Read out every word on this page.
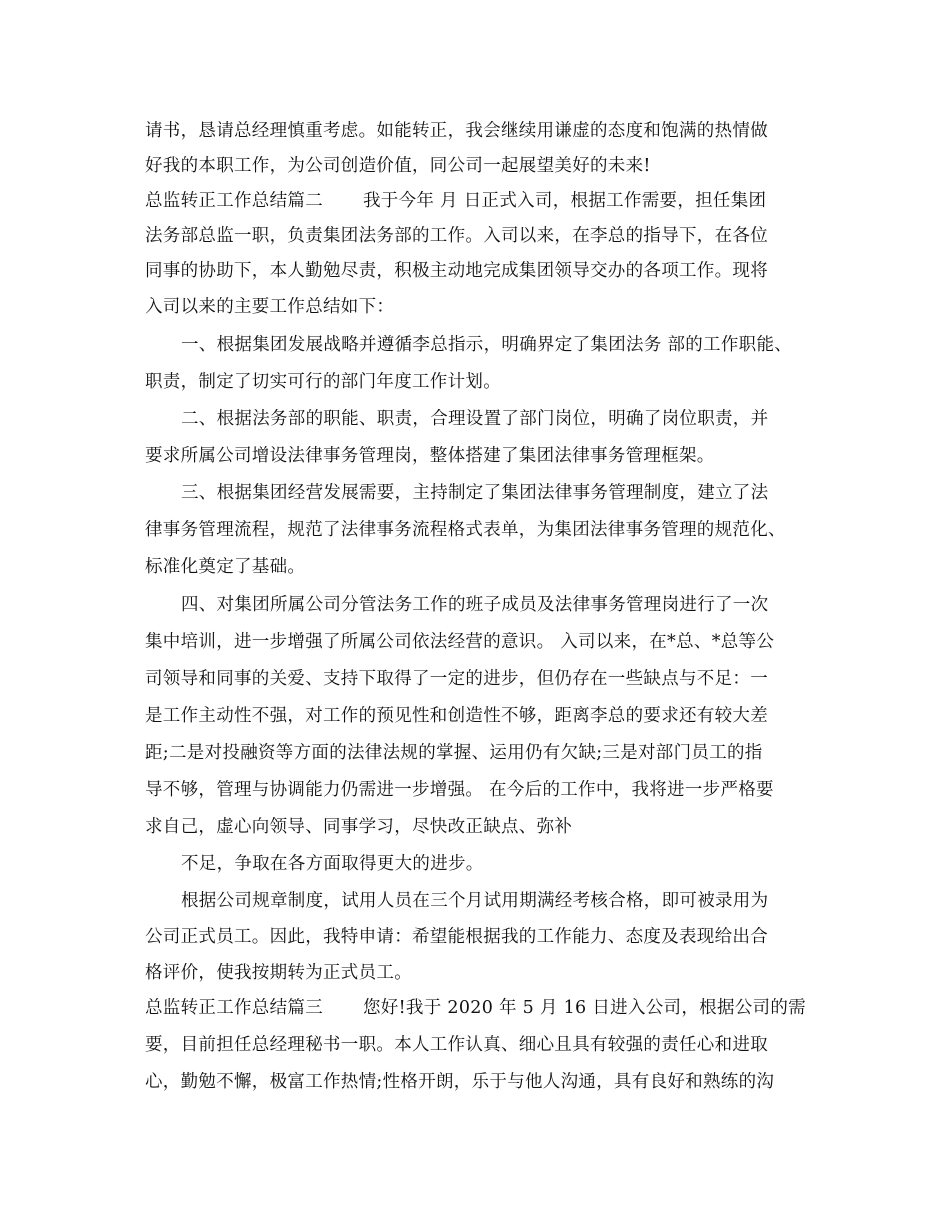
请书，恳请总经理慎重考虑。如能转正，我会继续用谦虚的态度和饱满的热情做
好我的本职工作，为公司创造价值，同公司一起展望美好的未来!
总监转正工作总结篇二 我于今年 月 日正式入司，根据工作需要，担任集团
法务部总监一职，负责集团法务部的工作。入司以来，在李总的指导下，在各位
同事的协助下，本人勤勉尽责，积极主动地完成集团领导交办的各项工作。现将
入司以来的主要工作总结如下：
一、根据集团发展战略并遵循李总指示，明确界定了集团法务 部的工作职能、
职责，制定了切实可行的部门年度工作计划。
二、根据法务部的职能、职责，合理设置了部门岗位，明确了岗位职责，并
要求所属公司增设法律事务管理岗，整体搭建了集团法律事务管理框架。
三、根据集团经营发展需要，主持制定了集团法律事务管理制度，建立了法
律事务管理流程，规范了法律事务流程格式表单，为集团法律事务管理的规范化、
标准化奠定了基础。
四、对集团所属公司分管法务工作的班子成员及法律事务管理岗进行了一次
集中培训，进一步增强了所属公司依法经营的意识。 入司以来，在*总、*总等公
司领导和同事的关爱、支持下取得了一定的进步，但仍存在一些缺点与不足：一
是工作主动性不强，对工作的预见性和创造性不够，距离李总的要求还有较大差
距;二是对投融资等方面的法律法规的掌握、运用仍有欠缺;三是对部门员工的指
导不够，管理与协调能力仍需进一步增强。 在今后的工作中，我将进一步严格要
求自己，虚心向领导、同事学习，尽快改正缺点、弥补
不足，争取在各方面取得更大的进步。
根据公司规章制度，试用人员在三个月试用期满经考核合格，即可被录用为
公司正式员工。因此，我特申请：希望能根据我的工作能力、态度及表现给出合
格评价，使我按期转为正式员工。
总监转正工作总结篇三 您好!我于 2020 年 5 月 16 日进入公司，根据公司的需
要，目前担任总经理秘书一职。本人工作认真、细心且具有较强的责任心和进取
心，勤勉不懈，极富工作热情;性格开朗，乐于与他人沟通，具有良好和熟练的沟
